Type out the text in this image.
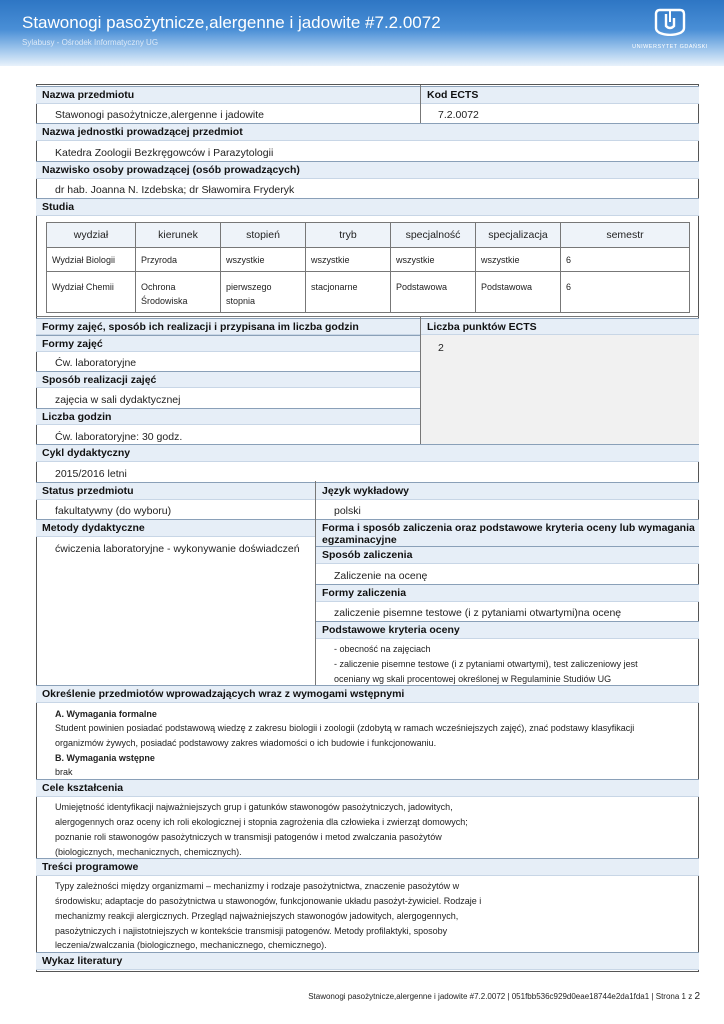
Stawonogi pasożytnicze,alergenne i jadowite #7.2.0072
Sylabusy - Ośrodek Informatyczny UG	UNIWERSYTET GDAŃSKI
Nazwa przedmiotu	Kod ECTS
Stawonogi pasożytnicze,alergenne i jadowite	7.2.0072
Nazwa jednostki prowadzącej przedmiot
Katedra Zoologii Bezkręgowców i Parazytologii
Nazwisko osoby prowadzącej (osób prowadzących)
dr hab. Joanna N. Izdebska; dr Sławomira Fryderyk
Studia
wydział	kierunek	stopień	tryb	specjalność	specjalizacja	semestr
Wydział Biologii	Przyroda	wszystkie	wszystkie	wszystkie	wszystkie	6
Wydział Chemii	Ochrona Środowiska	pierwszego stopnia	stacjonarne	Podstawowa	Podstawowa	6
Formy zajęć, sposób ich realizacji i przypisana im liczba godzin	Liczba punktów ECTS
2
Formy zajęć
Ćw. laboratoryjne
Sposób realizacji zajęć
zajęcia w sali dydaktycznej
Liczba godzin
Ćw. laboratoryjne: 30 godz.
Cykl dydaktyczny
2015/2016 letni
Status przedmiotu	Język wykładowy
fakultatywny (do wyboru)	polski
Metody dydaktyczne
ćwiczenia laboratoryjne - wykonywanie doświadczeń
Forma i sposób zaliczenia oraz podstawowe kryteria oceny lub wymagania egzaminacyjne
Sposób zaliczenia
Zaliczenie na ocenę
Formy zaliczenia
zaliczenie pisemne testowe (i z pytaniami otwartymi)na ocenę
Podstawowe kryteria oceny
- obecność na zajęciach
- zaliczenie pisemne testowe (i z pytaniami otwartymi), test zaliczeniowy jest
oceniany wg skali procentowej określonej w Regulaminie Studiów UG
Określenie przedmiotów wprowadzających wraz z wymogami wstępnymi
A. Wymagania formalne
Student powinien posiadać podstawową wiedzę z zakresu biologii i zoologii (zdobytą w ramach wcześniejszych zajęć), znać podstawy klasyfikacji
organizmów żywych, posiadać podstawowy zakres wiadomości o ich budowie i funkcjonowaniu.
B. Wymagania wstępne
brak
Cele kształcenia
Umiejętność identyfikacji najważniejszych grup i gatunków stawonogów pasożytniczych, jadowitych,
alergogennych oraz oceny ich roli ekologicznej i stopnia zagrożenia dla człowieka i zwierząt domowych;
poznanie roli stawonogów pasożytniczych w transmisji patogenów i metod zwalczania pasożytów
(biologicznych, mechanicznych, chemicznych).
Treści programowe
Typy zależności między organizmami – mechanizmy i rodzaje pasożytnictwa, znaczenie pasożytów w
środowisku; adaptacje do pasożytnictwa u stawonogów, funkcjonowanie układu pasożyt-żywiciel. Rodzaje i
mechanizmy reakcji alergicznych. Przegląd najważniejszych stawonogów jadowitych, alergogennych,
pasożytniczych i najistotniejszych w kontekście transmisji patogenów. Metody profilaktyki, sposoby
leczenia/zwalczania (biologicznego, mechanicznego, chemicznego).
Wykaz literatury
Stawonogi pasożytnicze,alergenne i jadowite #7.2.0072 | 051fbb536c929d0eae18744e2da1fda1 | Strona 1 z 2
